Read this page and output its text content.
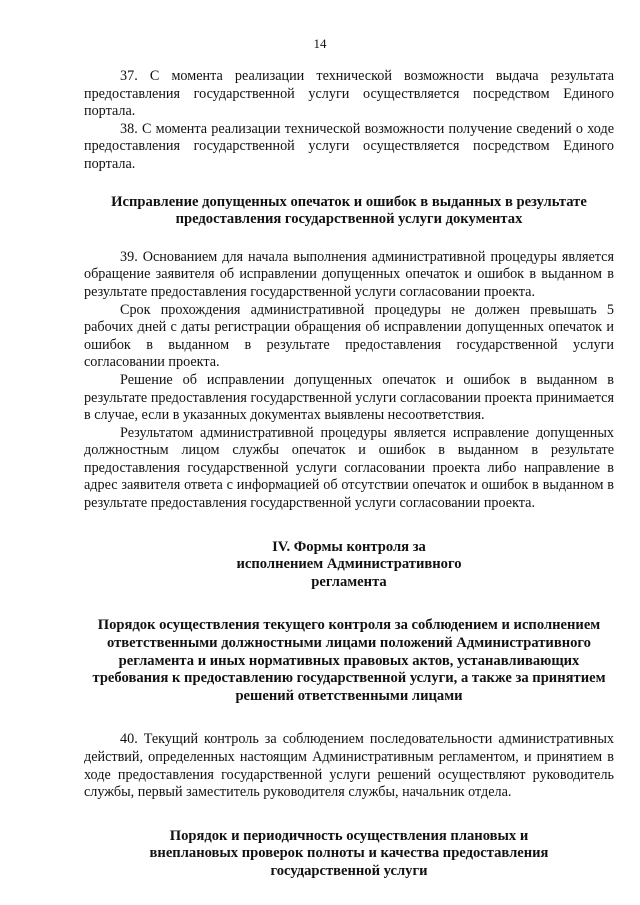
14

37. С момента реализации технической возможности выдача результата предоставления государственной услуги осуществляется посредством Единого портала.

38. С момента реализации технической возможности получение сведений о ходе предоставления государственной услуги осуществляется посредством Единого портала.

Исправление допущенных опечаток и ошибок в выданных в результате предоставления государственной услуги документах

39. Основанием для начала выполнения административной процедуры является обращение заявителя об исправлении допущенных опечаток и ошибок в выданном в результате предоставления государственной услуги согласовании проекта.

Срок прохождения административной процедуры не должен превышать 5 рабочих дней с даты регистрации обращения об исправлении допущенных опечаток и ошибок в выданном в результате предоставления государственной услуги согласовании проекта.

Решение об исправлении допущенных опечаток и ошибок в выданном в результате предоставления государственной услуги согласовании проекта принимается в случае, если в указанных документах выявлены несоответствия.

Результатом административной процедуры является исправление допущенных должностным лицом службы опечаток и ошибок в выданном в результате предоставления государственной услуги согласовании проекта либо направление в адрес заявителя ответа с информацией об отсутствии опечаток и ошибок в выданном в результате предоставления государственной услуги согласовании проекта.

IV. Формы контроля за исполнением Административного регламента
Порядок осуществления текущего контроля за соблюдением и исполнением ответственными должностными лицами положений Административного регламента и иных нормативных правовых актов, устанавливающих требования к предоставлению государственной услуги, а также за принятием решений ответственными лицами

40. Текущий контроль за соблюдением последовательности административных действий, определенных настоящим Административным регламентом, и принятием в ходе предоставления государственной услуги решений осуществляют руководитель службы, первый заместитель руководителя службы, начальник отдела.

Порядок и периодичность осуществления плановых и внеплановых проверок полноты и качества предоставления государственной услуги
